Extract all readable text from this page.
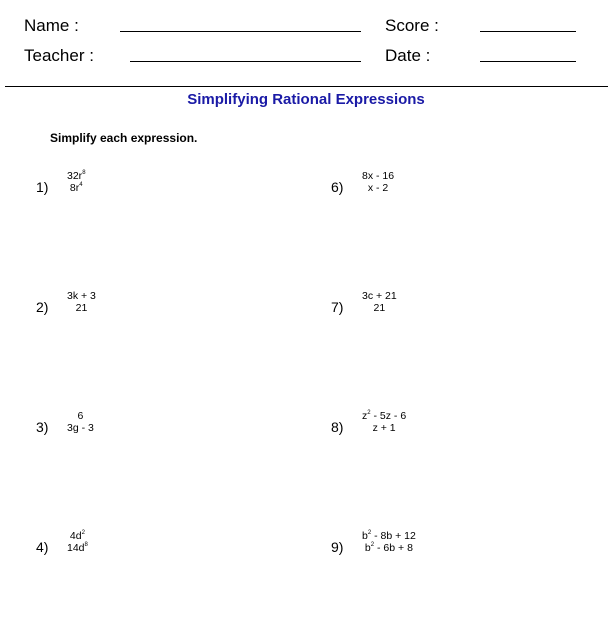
Name :	Score :
Teacher :	Date :
Simplifying Rational Expressions
Simplify each expression.
1)
$32r^8$
$8r^4$
2)
3k + 3
21
3)
6
3g - 3
4)
$4d^2$
$14d^8$
6)
8x - 16
x - 2
7)
3c + 21
21
8)
$z^2 - 5z - 6$
z + 1
9)
$b^2 - 8b + 12$
$b^2 - 6b + 8$
